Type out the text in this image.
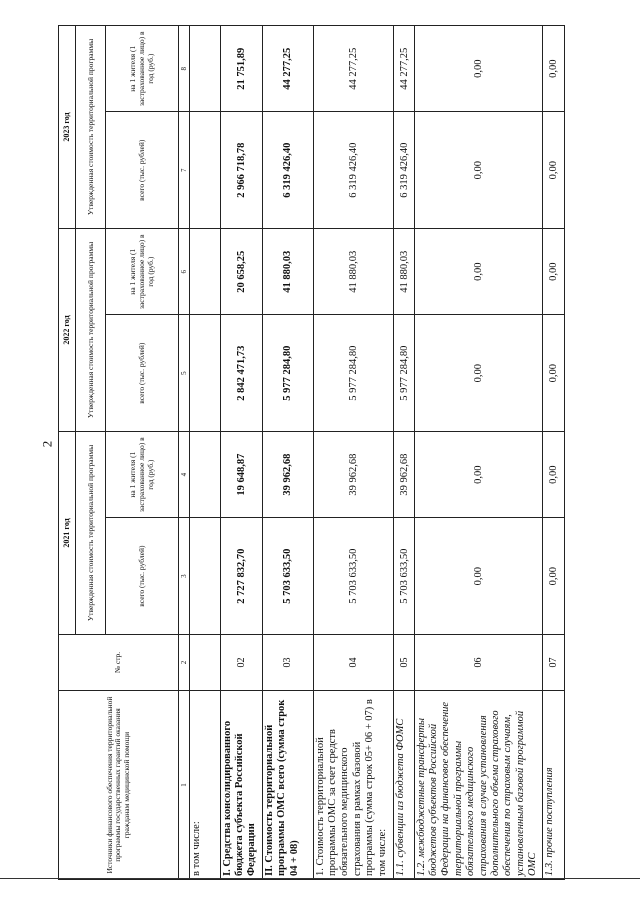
2
Источники финансового обеспечения территориальной программы государственных гарантий оказания гражданам медицинской помощи	№ стр.	2021 год		2022 год		2023 год	
		Утвержденная стоимость территориальной программы		Утвержденная стоимость территориальной программы		Утвержденная стоимость территориальной программы	
		всего (тыс. рублей)	на 1 жителя (1 застрахованное лицо) в год (руб.)	всего (тыс. рублей)	на 1 жителя (1 застрахованное лицо) в год (руб.)	всего (тыс. рублей)	на 1 жителя (1 застрахованное лицо) в год (руб.)
1	2	3	4	5	6	7	8
в том числе:							
I. Средства консолидированного бюджета субъекта Российской Федерации	02	2 727 832,70	19 648,87	2 842 471,73	20 658,25	2 966 718,78	21 751,89
II. Стоимость территориальной программы ОМС всего (сумма строк 04 + 08)	03	5 703 633,50	39 962,68	5 977 284,80	41 880,03	6 319 426,40	44 277,25
1. Стоимость территориальной программы ОМС за счет средств обязательного медицинского страхования в рамках базовой программы (сумма строк 05+ 06 + 07) в том числе:	04	5 703 633,50	39 962,68	5 977 284,80	41 880,03	6 319 426,40	44 277,25
1.1. субвенции из бюджета ФОМС	05	5 703 633,50	39 962,68	5 977 284,80	41 880,03	6 319 426,40	44 277,25
1.2. межбюджетные трансферты бюджетов субъектов Российской Федерации на финансовое обеспечение территориальной программы обязательного медицинского страхования в случае установления дополнительного объема страхового обеспечения по страховым случаям, установленным базовой программой ОМС	06	0,00	0,00	0,00	0,00	0,00	0,00
1.3. прочие поступления	07	0,00	0,00	0,00	0,00	0,00	0,00
